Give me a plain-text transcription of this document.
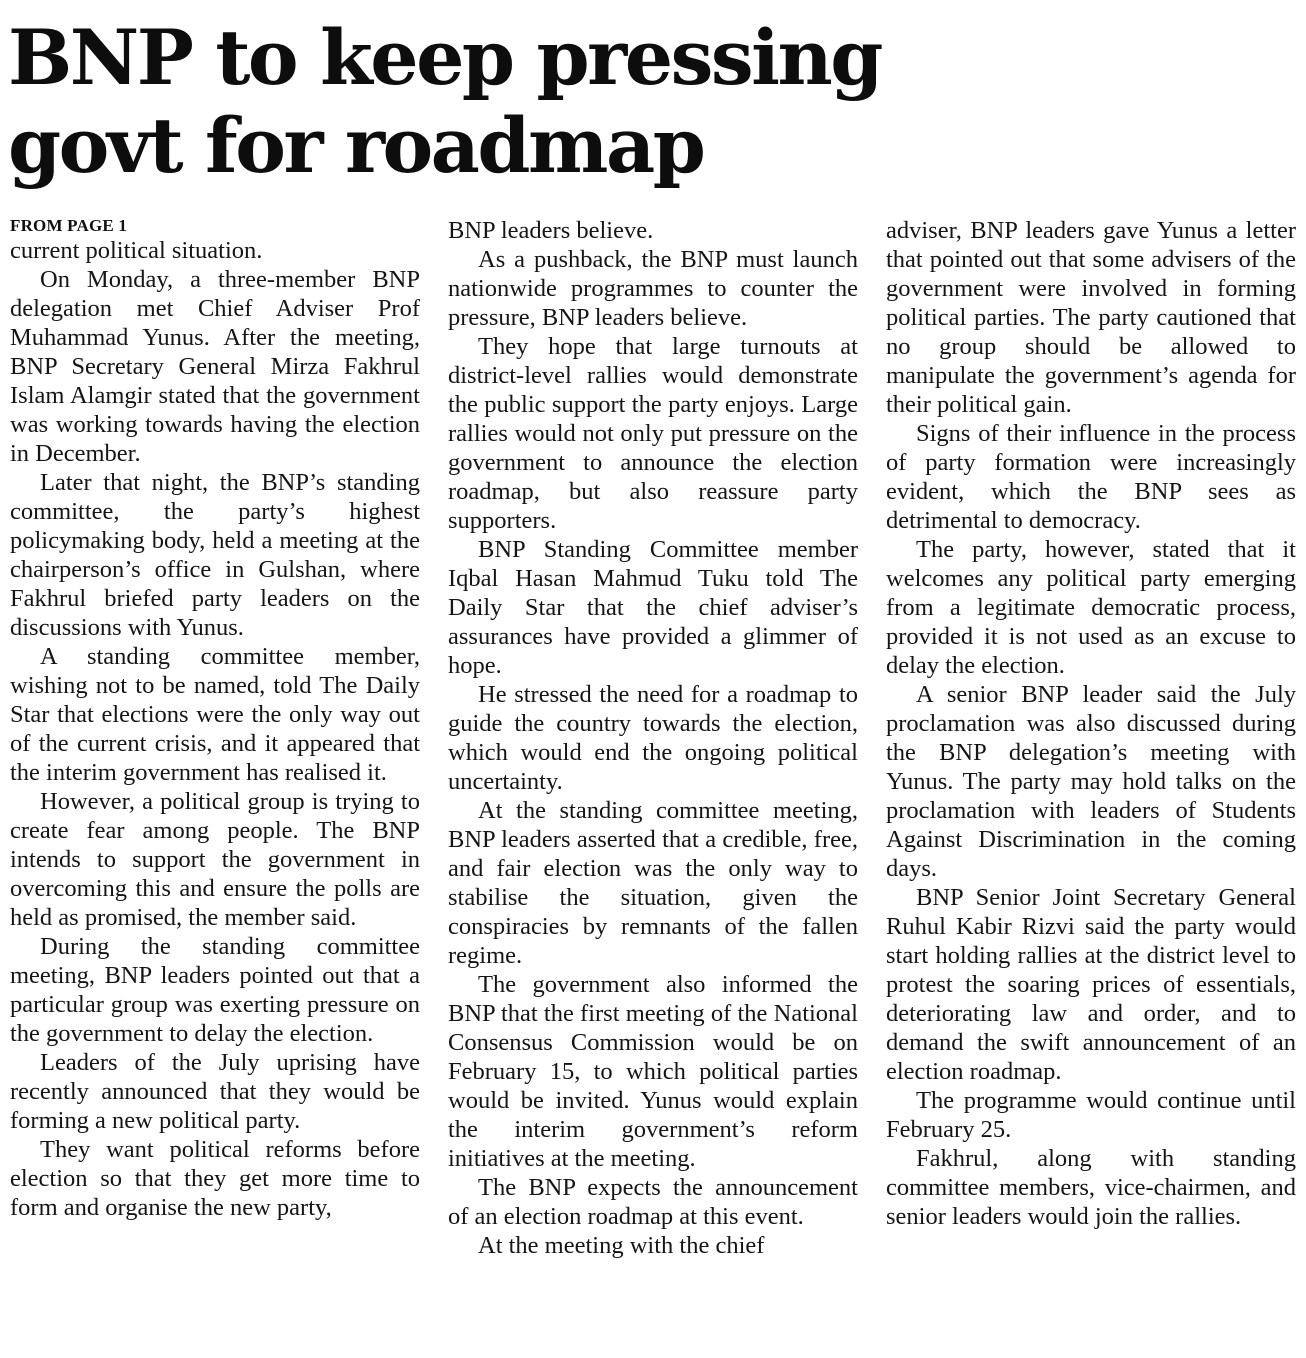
BNP to keep pressing
govt for roadmap
FROM PAGE 1

current political situation.

On Monday, a three-member BNP delegation met Chief Adviser Prof Muhammad Yunus. After the meeting, BNP Secretary General Mirza Fakhrul Islam Alamgir stated that the government was working towards having the election in December.

Later that night, the BNP’s standing committee, the party’s highest policymaking body, held a meeting at the chairperson’s office in Gulshan, where Fakhrul briefed party leaders on the discussions with Yunus.

A standing committee member, wishing not to be named, told The Daily Star that elections were the only way out of the current crisis, and it appeared that the interim government has realised it.

However, a political group is trying to create fear among people. The BNP intends to support the government in overcoming this and ensure the polls are held as promised, the member said.

During the standing committee meeting, BNP leaders pointed out that a particular group was exerting pressure on the government to delay the election.

Leaders of the July uprising have recently announced that they would be forming a new political party.

They want political reforms before election so that they get more time to form and organise the new party,

BNP leaders believe.

As a pushback, the BNP must launch nationwide programmes to counter the pressure, BNP leaders believe.

They hope that large turnouts at district-level rallies would demonstrate the public support the party enjoys. Large rallies would not only put pressure on the government to announce the election roadmap, but also reassure party supporters.

BNP Standing Committee member Iqbal Hasan Mahmud Tuku told The Daily Star that the chief adviser’s assurances have provided a glimmer of hope.

He stressed the need for a roadmap to guide the country towards the election, which would end the ongoing political uncertainty.

At the standing committee meeting, BNP leaders asserted that a credible, free, and fair election was the only way to stabilise the situation, given the conspiracies by remnants of the fallen regime.

The government also informed the BNP that the first meeting of the National Consensus Commission would be on February 15, to which political parties would be invited. Yunus would explain the interim government’s reform initiatives at the meeting.

The BNP expects the announcement of an election roadmap at this event.

At the meeting with the chief

adviser, BNP leaders gave Yunus a letter that pointed out that some advisers of the government were involved in forming political parties. The party cautioned that no group should be allowed to manipulate the government’s agenda for their political gain.

Signs of their influence in the process of party formation were increasingly evident, which the BNP sees as detrimental to democracy.

The party, however, stated that it welcomes any political party emerging from a legitimate democratic process, provided it is not used as an excuse to delay the election.

A senior BNP leader said the July proclamation was also discussed during the BNP delegation’s meeting with Yunus. The party may hold talks on the proclamation with leaders of Students Against Discrimination in the coming days.

BNP Senior Joint Secretary General Ruhul Kabir Rizvi said the party would start holding rallies at the district level to protest the soaring prices of essentials, deteriorating law and order, and to demand the swift announcement of an election roadmap.

The programme would continue until February 25.

Fakhrul, along with standing committee members, vice-chairmen, and senior leaders would join the rallies.
